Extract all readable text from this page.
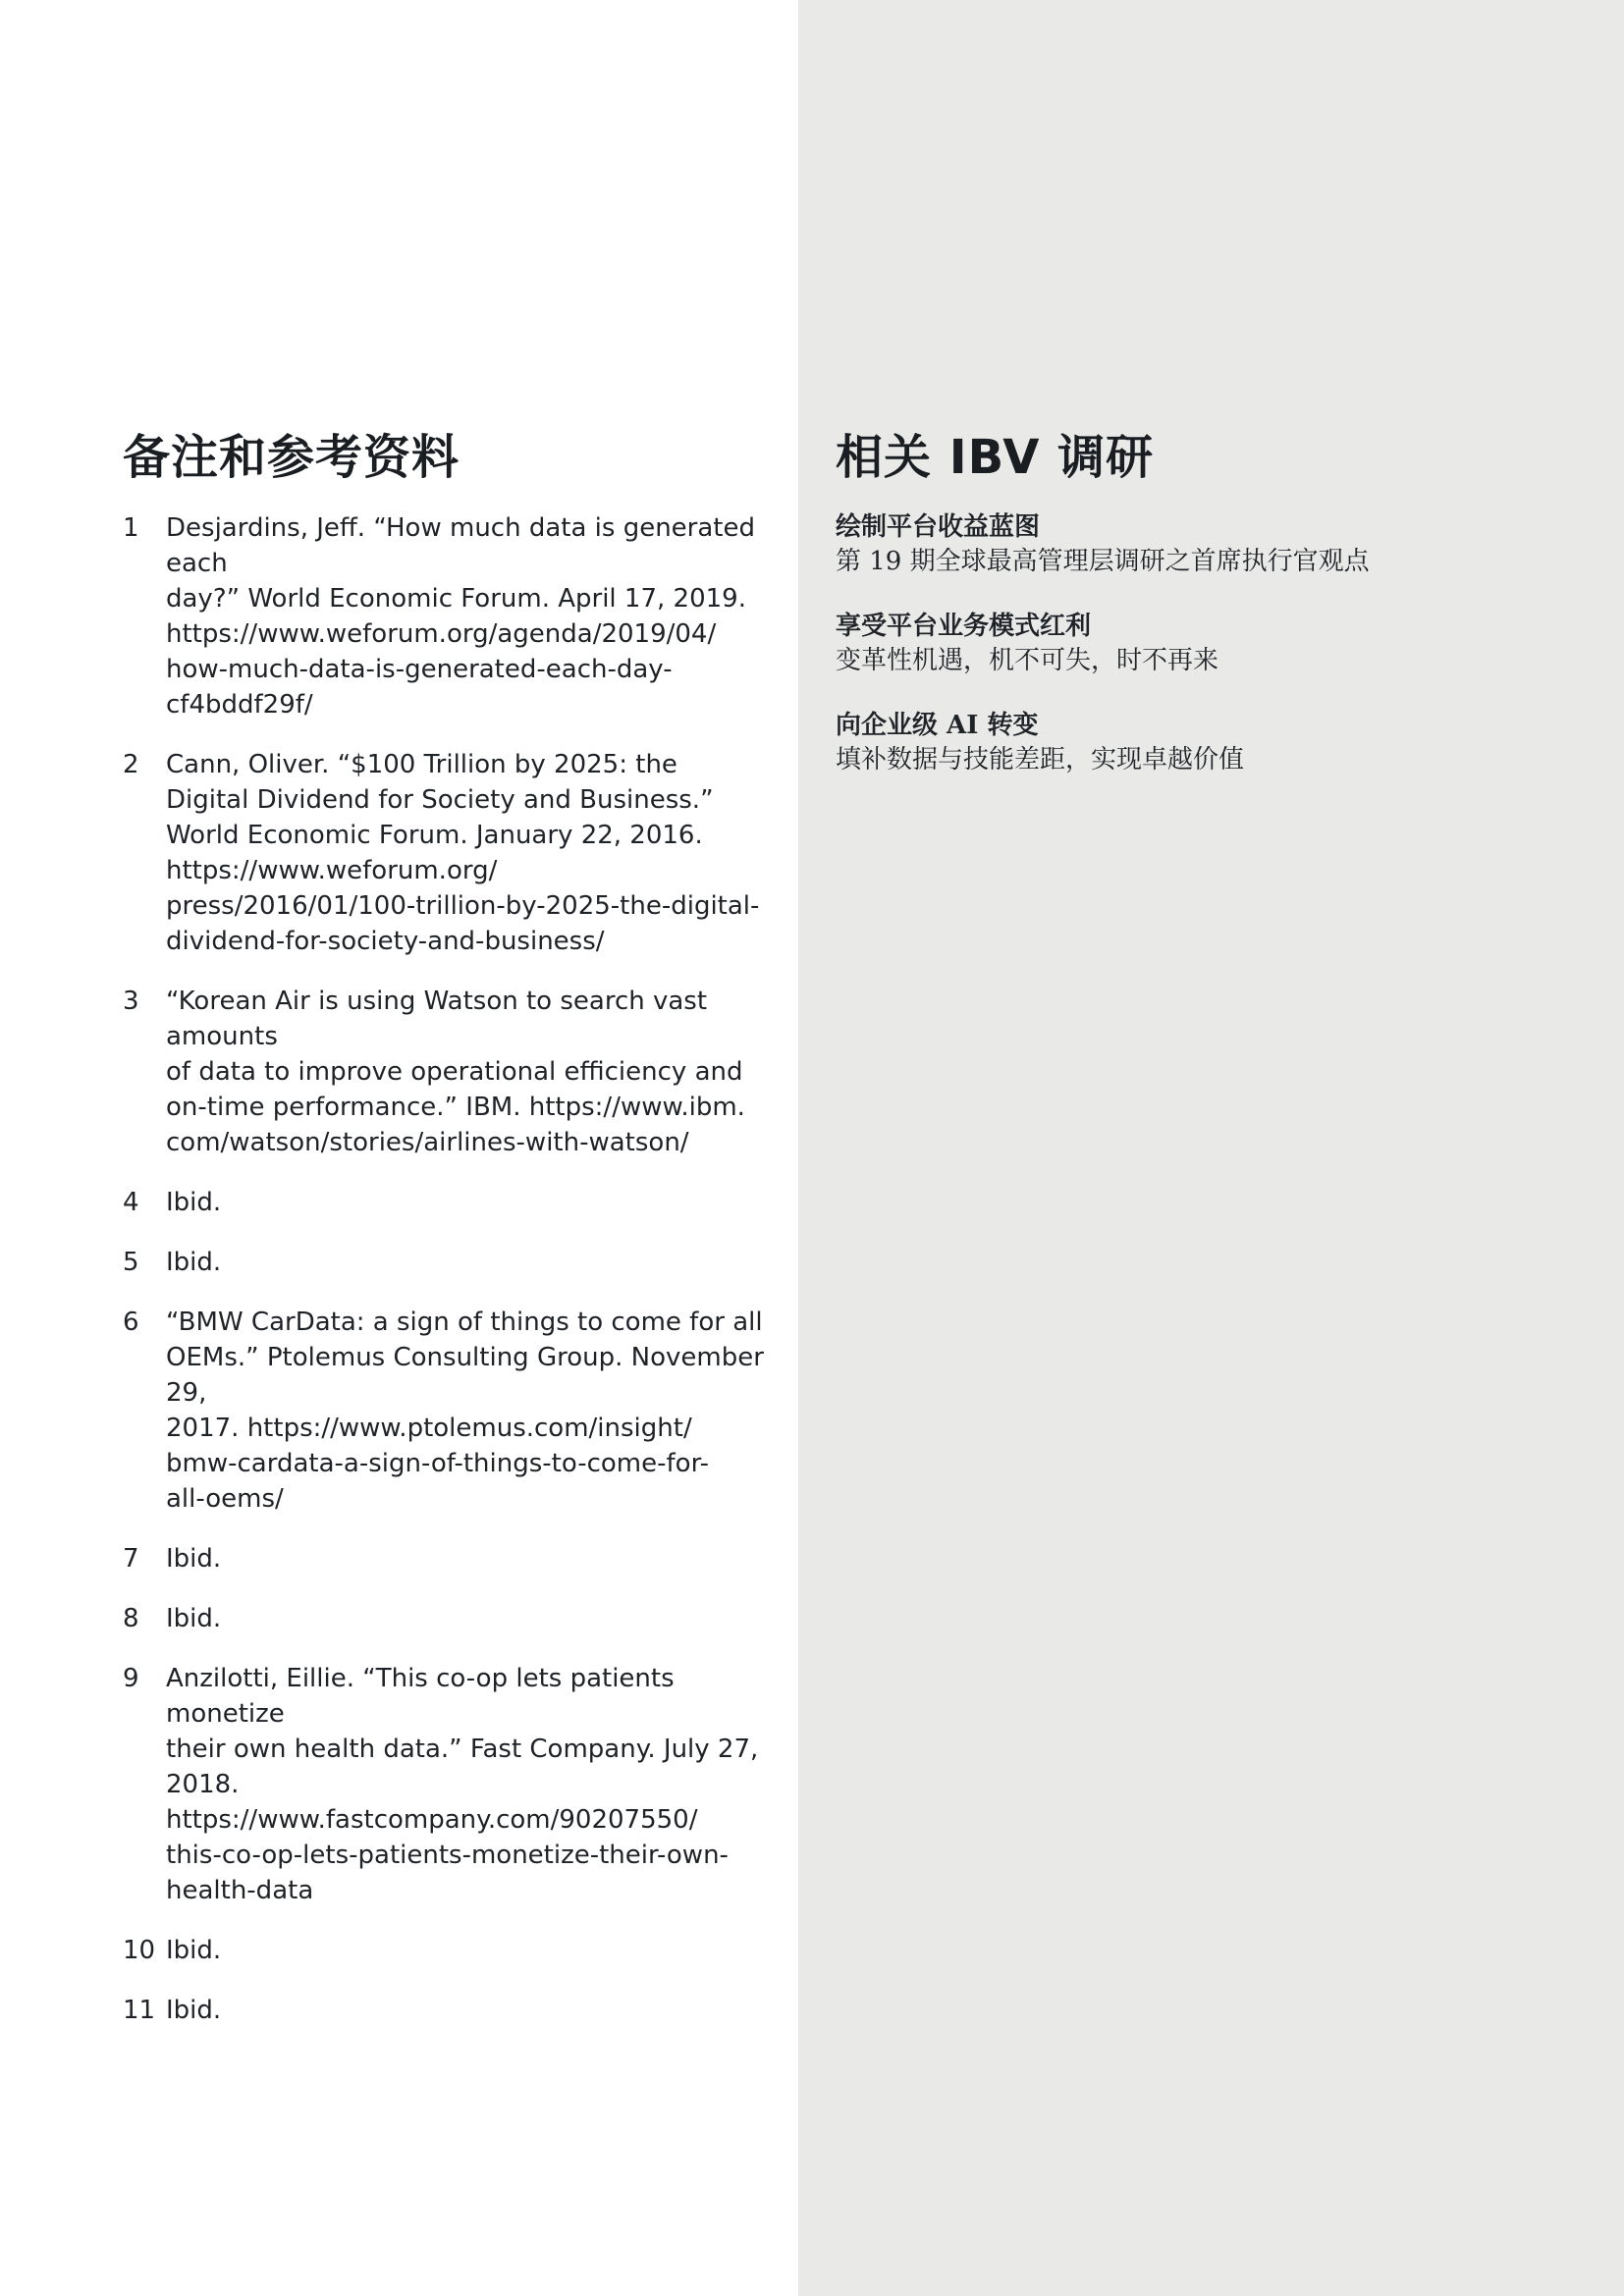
备注和参考资料
1	Desjardins, Jeff. “How much data is generated each
day?” World Economic Forum. April 17, 2019.
https://www.weforum.org/agenda/2019/04/
how-much-data-is-generated-each-day-
cf4bddf29f/
2	Cann, Oliver. “$100 Trillion by 2025: the
Digital Dividend for Society and Business.”
World Economic Forum. January 22, 2016.
https://www.weforum.org/
press/2016/01/100-trillion-by-2025-the-digital-
dividend-for-society-and-business/
3	“Korean Air is using Watson to search vast amounts
of data to improve operational efficiency and
on-time performance.” IBM. https://www.ibm.
com/watson/stories/airlines-with-watson/
4	Ibid.
5	Ibid.
6	“BMW CarData: a sign of things to come for all
OEMs.” Ptolemus Consulting Group. November 29,
2017. https://www.ptolemus.com/insight/
bmw-cardata-a-sign-of-things-to-come-for-
all-oems/
7	Ibid.
8	Ibid.
9	Anzilotti, Eillie. “This co-op lets patients monetize
their own health data.” Fast Company. July 27,
2018. https://www.fastcompany.com/90207550/
this-co-op-lets-patients-monetize-their-own-
health-data
10 Ibid.
11 Ibid.
相关 IBV 调研
绘制平台收益蓝图
第 19 期全球最高管理层调研之首席执行官观点
享受平台业务模式红利
变革性机遇，机不可失，时不再来
向企业级 AI 转变
填补数据与技能差距，实现卓越价值
